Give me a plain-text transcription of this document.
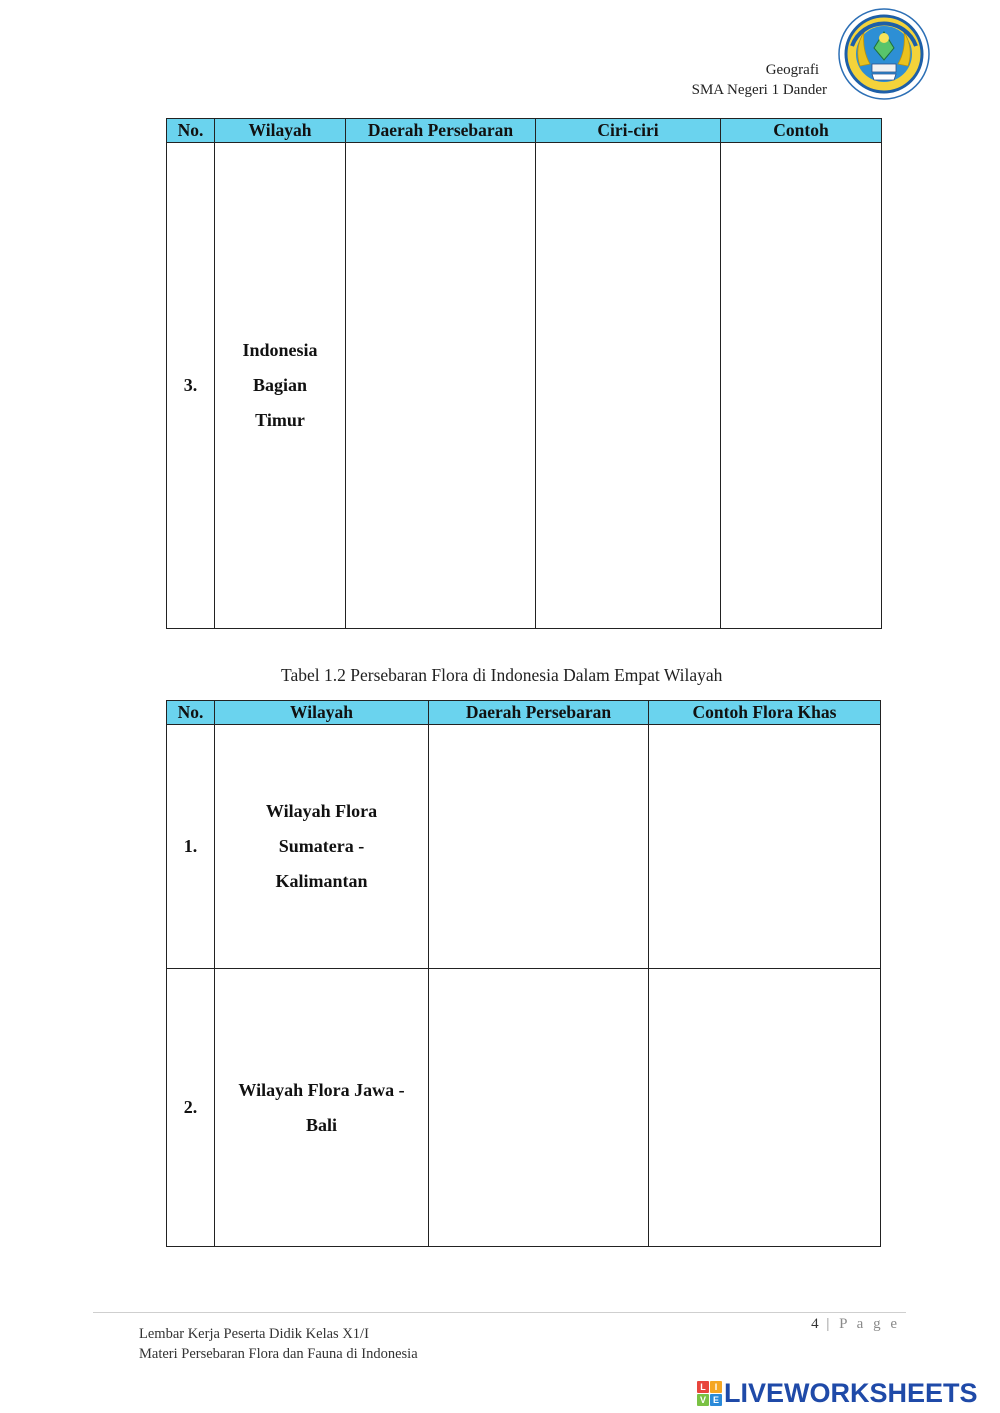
Geografi
SMA Negeri 1 Dander
No.	Wilayah	Daerah Persebaran	Ciri-ciri	Contoh
3.	Indonesia
Bagian
Timur			

Tabel 1.2 Persebaran Flora di Indonesia Dalam Empat Wilayah
No.	Wilayah	Daerah Persebaran	Contoh Flora Khas
1.	Wilayah Flora
Sumatera -
Kalimantan		

2.	Wilayah Flora Jawa -
Bali		

Lembar Kerja Peserta Didik Kelas X1/I
Materi Persebaran Flora dan Fauna di Indonesia
4 | P a g e
L I
V E LIVEWORKSHEETS
